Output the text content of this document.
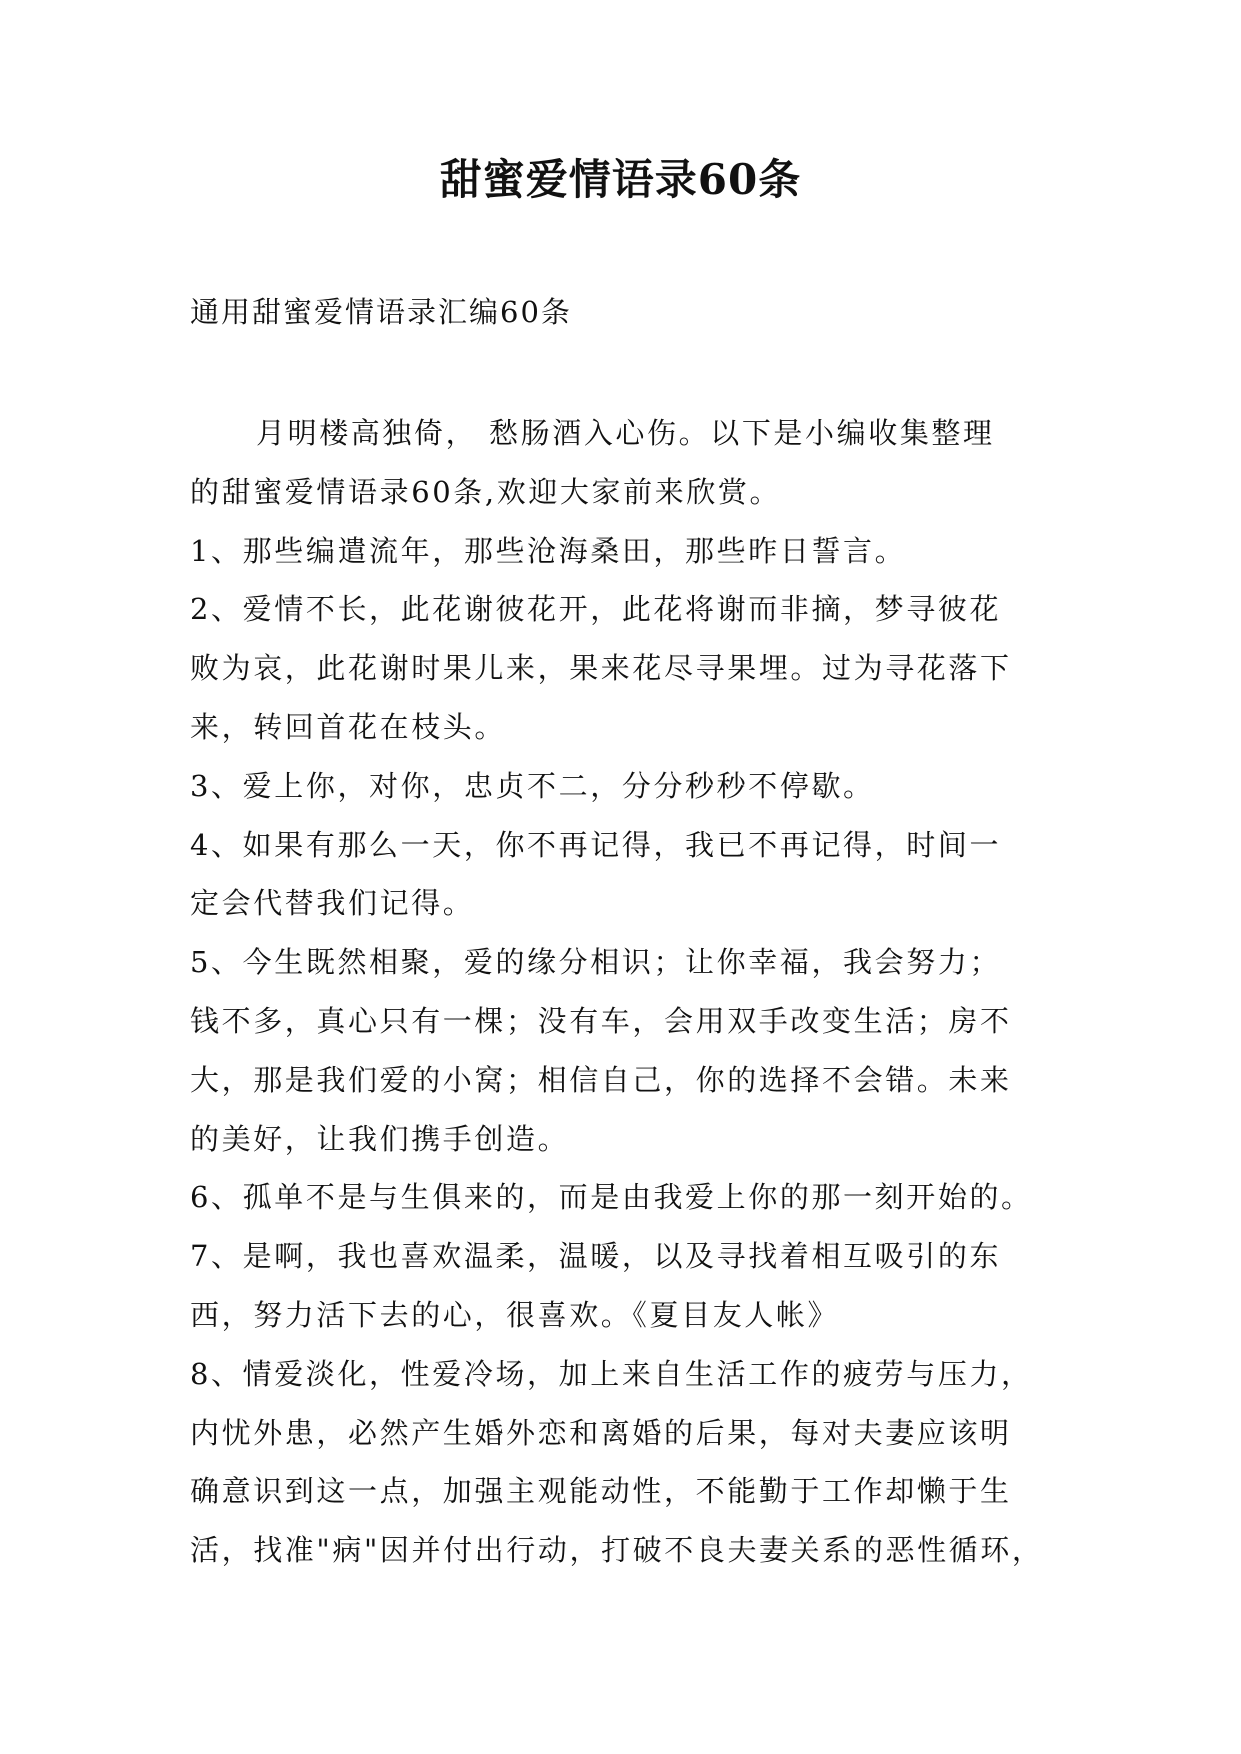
甜蜜爱情语录60条
通用甜蜜爱情语录汇编60条
月明楼高独倚， 愁肠酒入心伤。以下是小编收集整理
的甜蜜爱情语录60条,欢迎大家前来欣赏。
1、那些编遣流年，那些沧海桑田，那些昨日誓言。
2、爱情不长，此花谢彼花开，此花将谢而非摘，梦寻彼花
败为哀，此花谢时果儿来，果来花尽寻果埋。过为寻花落下
来，转回首花在枝头。
3、爱上你，对你，忠贞不二，分分秒秒不停歇。
4、如果有那么一天，你不再记得，我已不再记得，时间一
定会代替我们记得。
5、今生既然相聚，爱的缘分相识；让你幸福，我会努力；
钱不多，真心只有一棵；没有车，会用双手改变生活；房不
大，那是我们爱的小窝；相信自己，你的选择不会错。未来
的美好，让我们携手创造。
6、孤单不是与生俱来的，而是由我爱上你的那一刻开始的。
7、是啊，我也喜欢温柔，温暖，以及寻找着相互吸引的东
西，努力活下去的心，很喜欢。《夏目友人帐》
8、情爱淡化，性爱冷场，加上来自生活工作的疲劳与压力，
内忧外患，必然产生婚外恋和离婚的后果，每对夫妻应该明
确意识到这一点，加强主观能动性，不能勤于工作却懒于生
活，找准"病"因并付出行动，打破不良夫妻关系的恶性循环，
